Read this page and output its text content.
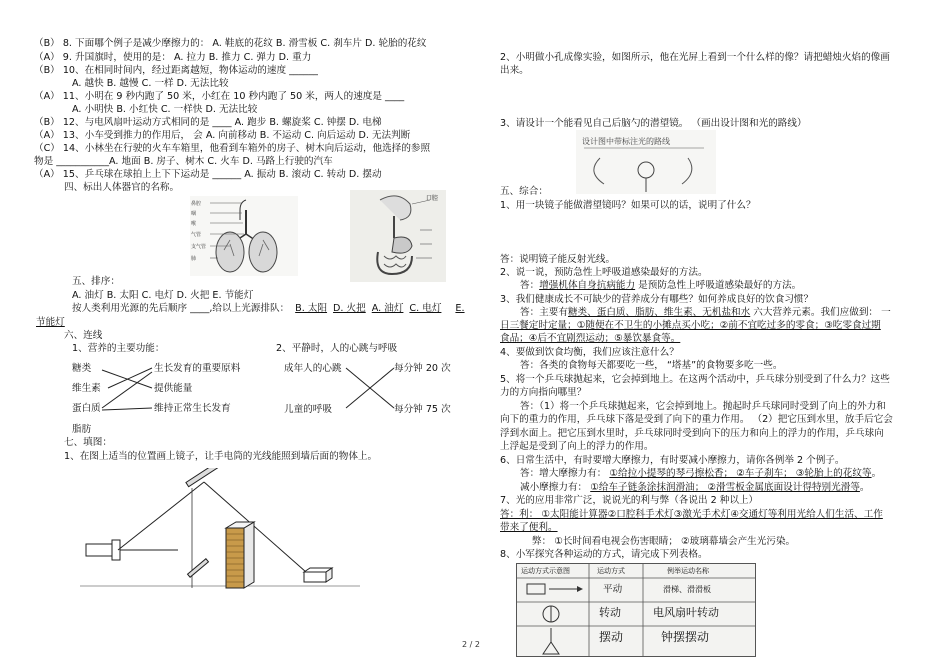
（B） 8. 下面哪个例子是减少摩擦力的： A. 鞋底的花纹 B. 滑雪板 C. 刹车片 D. 轮胎的花纹
（A） 9. 升国旗时，使用的是： A. 拉力 B. 推力 C. 弹力 D. 重力
（B） 10、在相同时间内，经过距离越短，物体运动的速度 ______
A. 越快 B. 越慢 C. 一样 D. 无法比较
（A） 11、小明在 9 秒内跑了 50 米，小红在 10 秒内跑了 50 米，两人的速度是 ____
A. 小明快 B. 小红快 C. 一样快 D. 无法比较
（B） 12、与电风扇叶运动方式相同的是 ____ A. 跑步 B. 螺旋桨 C. 钟摆 D. 电梯
（A） 13、小车受到推力的作用后， 会 A. 向前移动 B. 不运动 C. 向后运动 D. 无法判断
（C） 14、小林坐在行驶的火车车箱里，他看到车箱外的房子、树木向后运动，他选择的参照
物是 ___________A. 地面 B. 房子、树木 C. 火车 D. 马路上行驶的汽车
（A） 15、乒乓球在球拍上上下下运动是 ______ A. 振动 B. 滚动 C. 转动 D. 摆动
四、标出人体器官的名称。
鼻腔
咽
喉
气管
支气管
肺
口腔
五、排序：
A. 油灯 B. 太阳 C. 电灯 D. 火把 E. 节能灯
按人类利用光源的先后顺序 ____,给以上光源排队： B. 太阳 D. 火把 A. 油灯 C. 电灯 E.
节能灯
六、连线
1、营养的主要功能：	2、平静时，人的心跳与呼吸
糖类
维生素
蛋白质
脂肪
生长发育的重要原料
提供能量
维持正常生长发育
成年人的心跳
儿童的呼吸
每分钟 20 次
每分钟 75 次
七、填图：
1、在图上适当的位置画上镜子，让手电筒的光线能照到墙后面的物体上。
2、小明做小孔成像实验，如图所示，他在光屏上看到一个什么样的像？请把蜡烛火焰的像画
出来。
3、请设计一个能看见自己后脑勺的潜望镜。 （画出设计图和光的路线）
设计图中带标注光的路线
五、综合：
1、用一块镜子能做潜望镜吗？如果可以的话，说明了什么？
答：说明镜子能反射光线。
2、说一说，预防急性上呼吸道感染最好的方法。
答：增强机体自身抗病能力 是预防急性上呼吸道感染最好的方法。
3、我们健康成长不可缺少的营养成分有哪些？如何养成良好的饮食习惯？
答：主要有糖类、蛋白质、脂肪、维生素、无机盐和水 六大营养元素。我们应做到： 一
日三餐定时定量；①随便在不卫生的小摊点买小吃；②前不宜吃过多的零食；③吃零食过期
食品；④后不宜剧烈运动；⑤暴饮暴食等。
4、要做到饮食均衡，我们应该注意什么？
答：各类的食物每天都要吃一些， “塔基”的食物要多吃一些。
5、将一个乒乓球抛起来，它会掉到地上。在这两个活动中，乒乓球分别受到了什么力？这些
力的方向指向哪里？
答：（1）将一个乒乓球抛起来，它会掉到地上。抛起时乒乓球同时受到了向上的外力和
向下的重力的作用，乒乓球下落是受到了向下的重力作用。 （2）把它压到水里，放手后它会
浮到水面上。把它压到水里时，乒乓球同时受到向下的压力和向上的浮力的作用，乒乓球向
上浮起是受到了向上的浮力的作用。
6、日常生活中，有时要增大摩擦力，有时要减小摩擦力，请你各例举 2 个例子。
答：增大摩擦力有： ①给拉小提琴的琴弓擦松香； ②车子刹车； ③轮胎上的花纹等。
减小摩擦力有： ①给车子链条涂抹润滑油； ②滑雪板金属底面设计得特别光滑等。
7、光的应用非常广泛，说说光的利与弊（各说出 2 种以上）
答：利： ①太阳能计算器②口腔科手术灯③激光手术灯④交通灯等利用光给人们生活、工作
带来了便利。
弊： ①长时间看电视会伤害眼睛； ②玻璃幕墙会产生光污染。
8、小军探究各种运动的方式，请完成下列表格。
运动方式示意图	运动方式	例举运动名称
平动	滑梯、滑滑板
转动	电风扇叶转动
摆动	钟摆摆动
2 / 2
